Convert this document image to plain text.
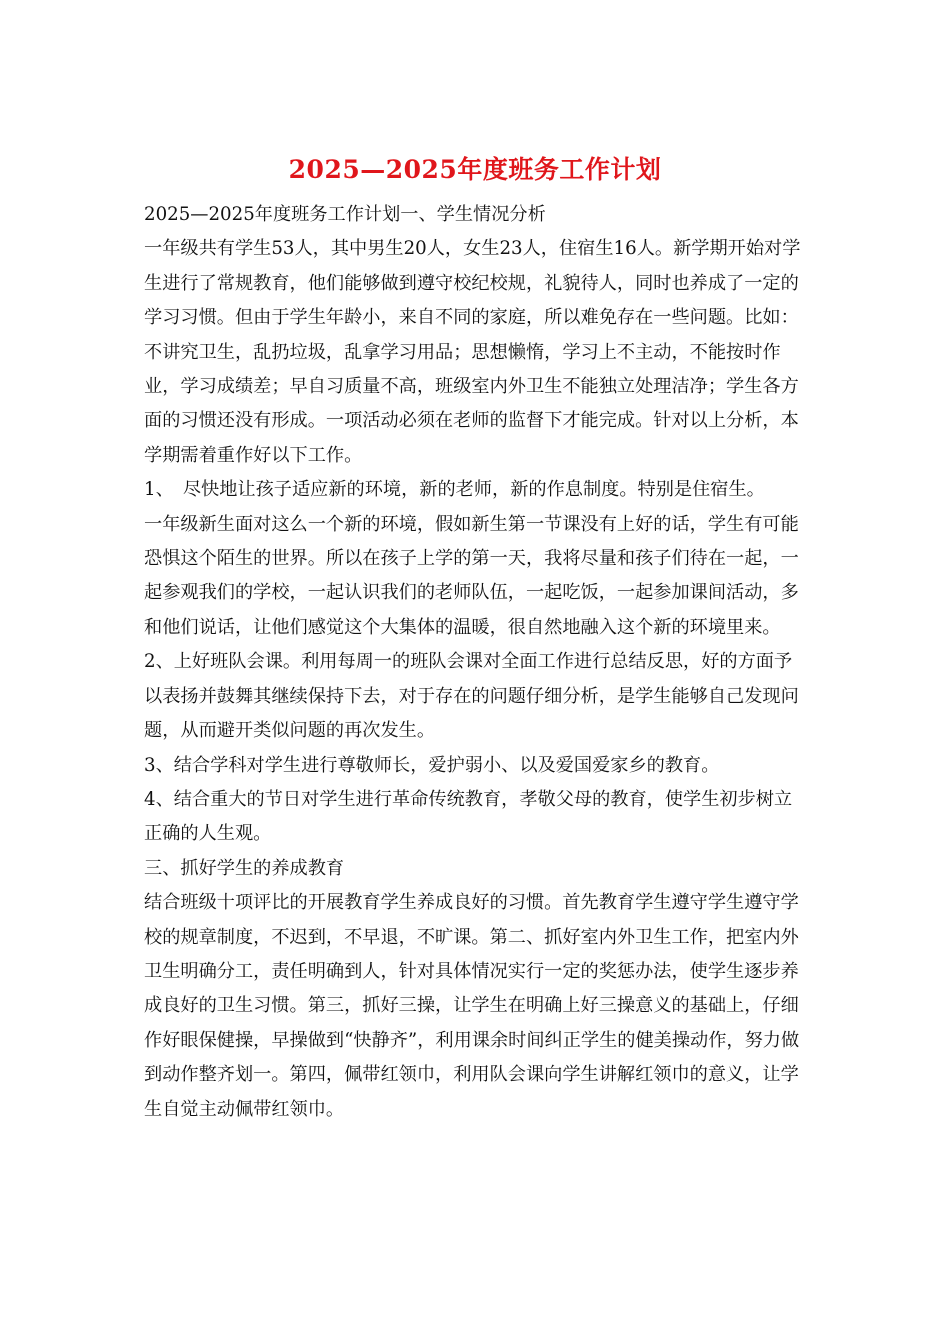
2025—2025年度班务工作计划

2025—2025年度班务工作计划一、学生情况分析

一年级共有学生53人，其中男生20人，女生23人，住宿生16人。新学期开始对学生进行了常规教育，他们能够做到遵守校纪校规，礼貌待人，同时也养成了一定的学习习惯。但由于学生年龄小，来自不同的家庭，所以难免存在一些问题。比如：不讲究卫生，乱扔垃圾，乱拿学习用品；思想懒惰，学习上不主动，不能按时作业，学习成绩差；早自习质量不高，班级室内外卫生不能独立处理洁净；学生各方面的习惯还没有形成。一项活动必须在老师的监督下才能完成。针对以上分析，本学期需着重作好以下工作。

1、　尽快地让孩子适应新的环境，新的老师，新的作息制度。特别是住宿生。

一年级新生面对这么一个新的环境，假如新生第一节课没有上好的话，学生有可能恐惧这个陌生的世界。所以在孩子上学的第一天，我将尽量和孩子们待在一起，一起参观我们的学校，一起认识我们的老师队伍，一起吃饭，一起参加课间活动，多和他们说话，让他们感觉这个大集体的温暖，很自然地融入这个新的环境里来。

2、上好班队会课。利用每周一的班队会课对全面工作进行总结反思，好的方面予以表扬并鼓舞其继续保持下去，对于存在的问题仔细分析，是学生能够自己发现问题，从而避开类似问题的再次发生。

3、结合学科对学生进行尊敬师长，爱护弱小、以及爱国爱家乡的教育。

4、结合重大的节日对学生进行革命传统教育，孝敬父母的教育，使学生初步树立正确的人生观。

三、抓好学生的养成教育

结合班级十项评比的开展教育学生养成良好的习惯。首先教育学生遵守学生遵守学校的规章制度，不迟到，不早退，不旷课。第二、抓好室内外卫生工作，把室内外卫生明确分工，责任明确到人，针对具体情况实行一定的奖惩办法，使学生逐步养成良好的卫生习惯。第三，抓好三操，让学生在明确上好三操意义的基础上，仔细作好眼保健操，早操做到“快静齐”，利用课余时间纠正学生的健美操动作，努力做到动作整齐划一。第四，佩带红领巾，利用队会课向学生讲解红领巾的意义，让学生自觉主动佩带红领巾。
